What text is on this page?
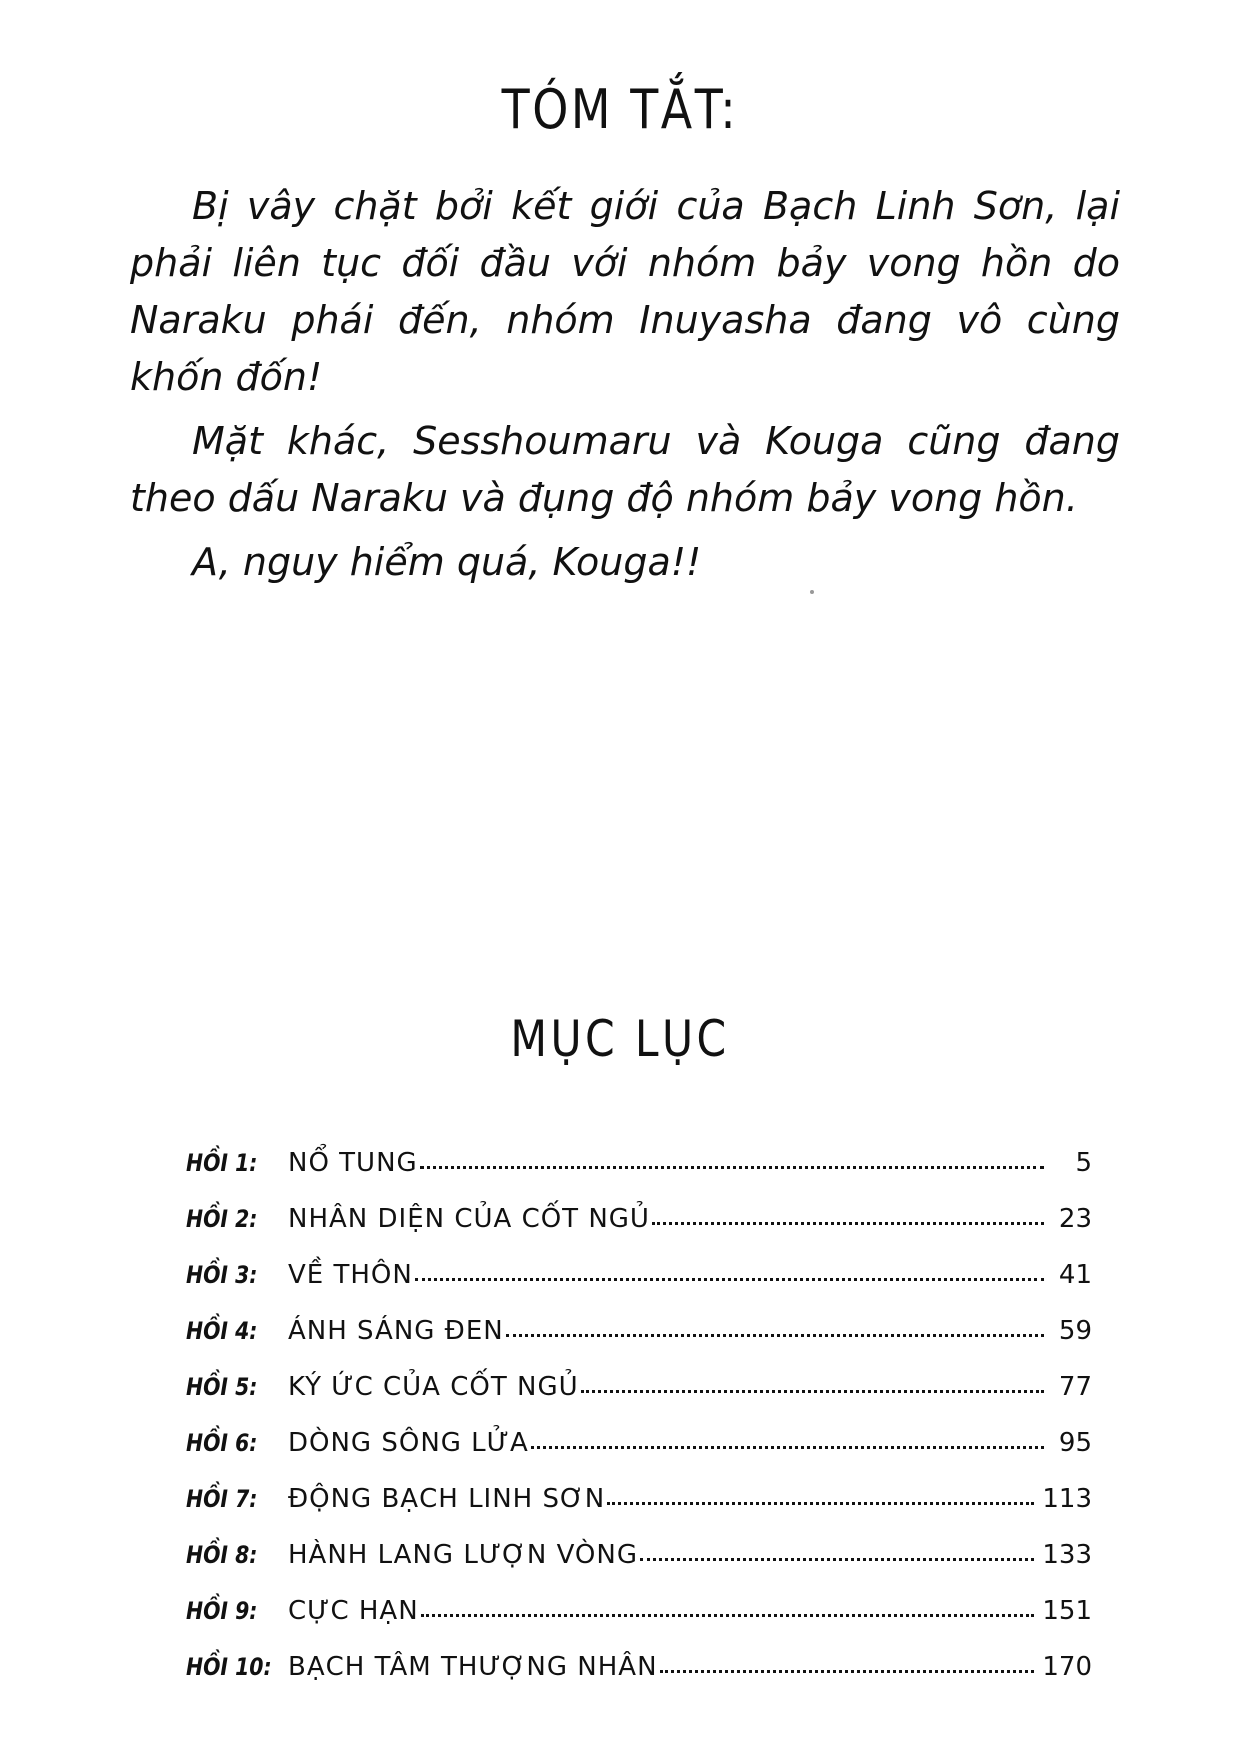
TÓM TẮT:

Bị vây chặt bởi kết giới của Bạch Linh Sơn, lại phải liên tục đối đầu với nhóm bảy vong hồn do Naraku phái đến, nhóm Inuyasha đang vô cùng khốn đốn!

Mặt khác, Sesshoumaru và Kouga cũng đang theo dấu Naraku và đụng độ nhóm bảy vong hồn.

A, nguy hiểm quá, Kouga!!

MỤC LỤC
HỒI 1:	NỔ TUNG	5
HỒI 2:	NHÂN DIỆN CỦA CỐT NGỦ	23
HỒI 3:	VỀ THÔN	41
HỒI 4:	ÁNH SÁNG ĐEN	59
HỒI 5:	KÝ ỨC CỦA CỐT NGỦ	77
HỒI 6:	DÒNG SÔNG LỬA	95
HỒI 7:	ĐỘNG BẠCH LINH SƠN	113
HỒI 8:	HÀNH LANG LƯỢN VÒNG	133
HỒI 9:	CỰC HẠN	151
HỒI 10: BẠCH TÂM THƯỢNG NHÂN	170
